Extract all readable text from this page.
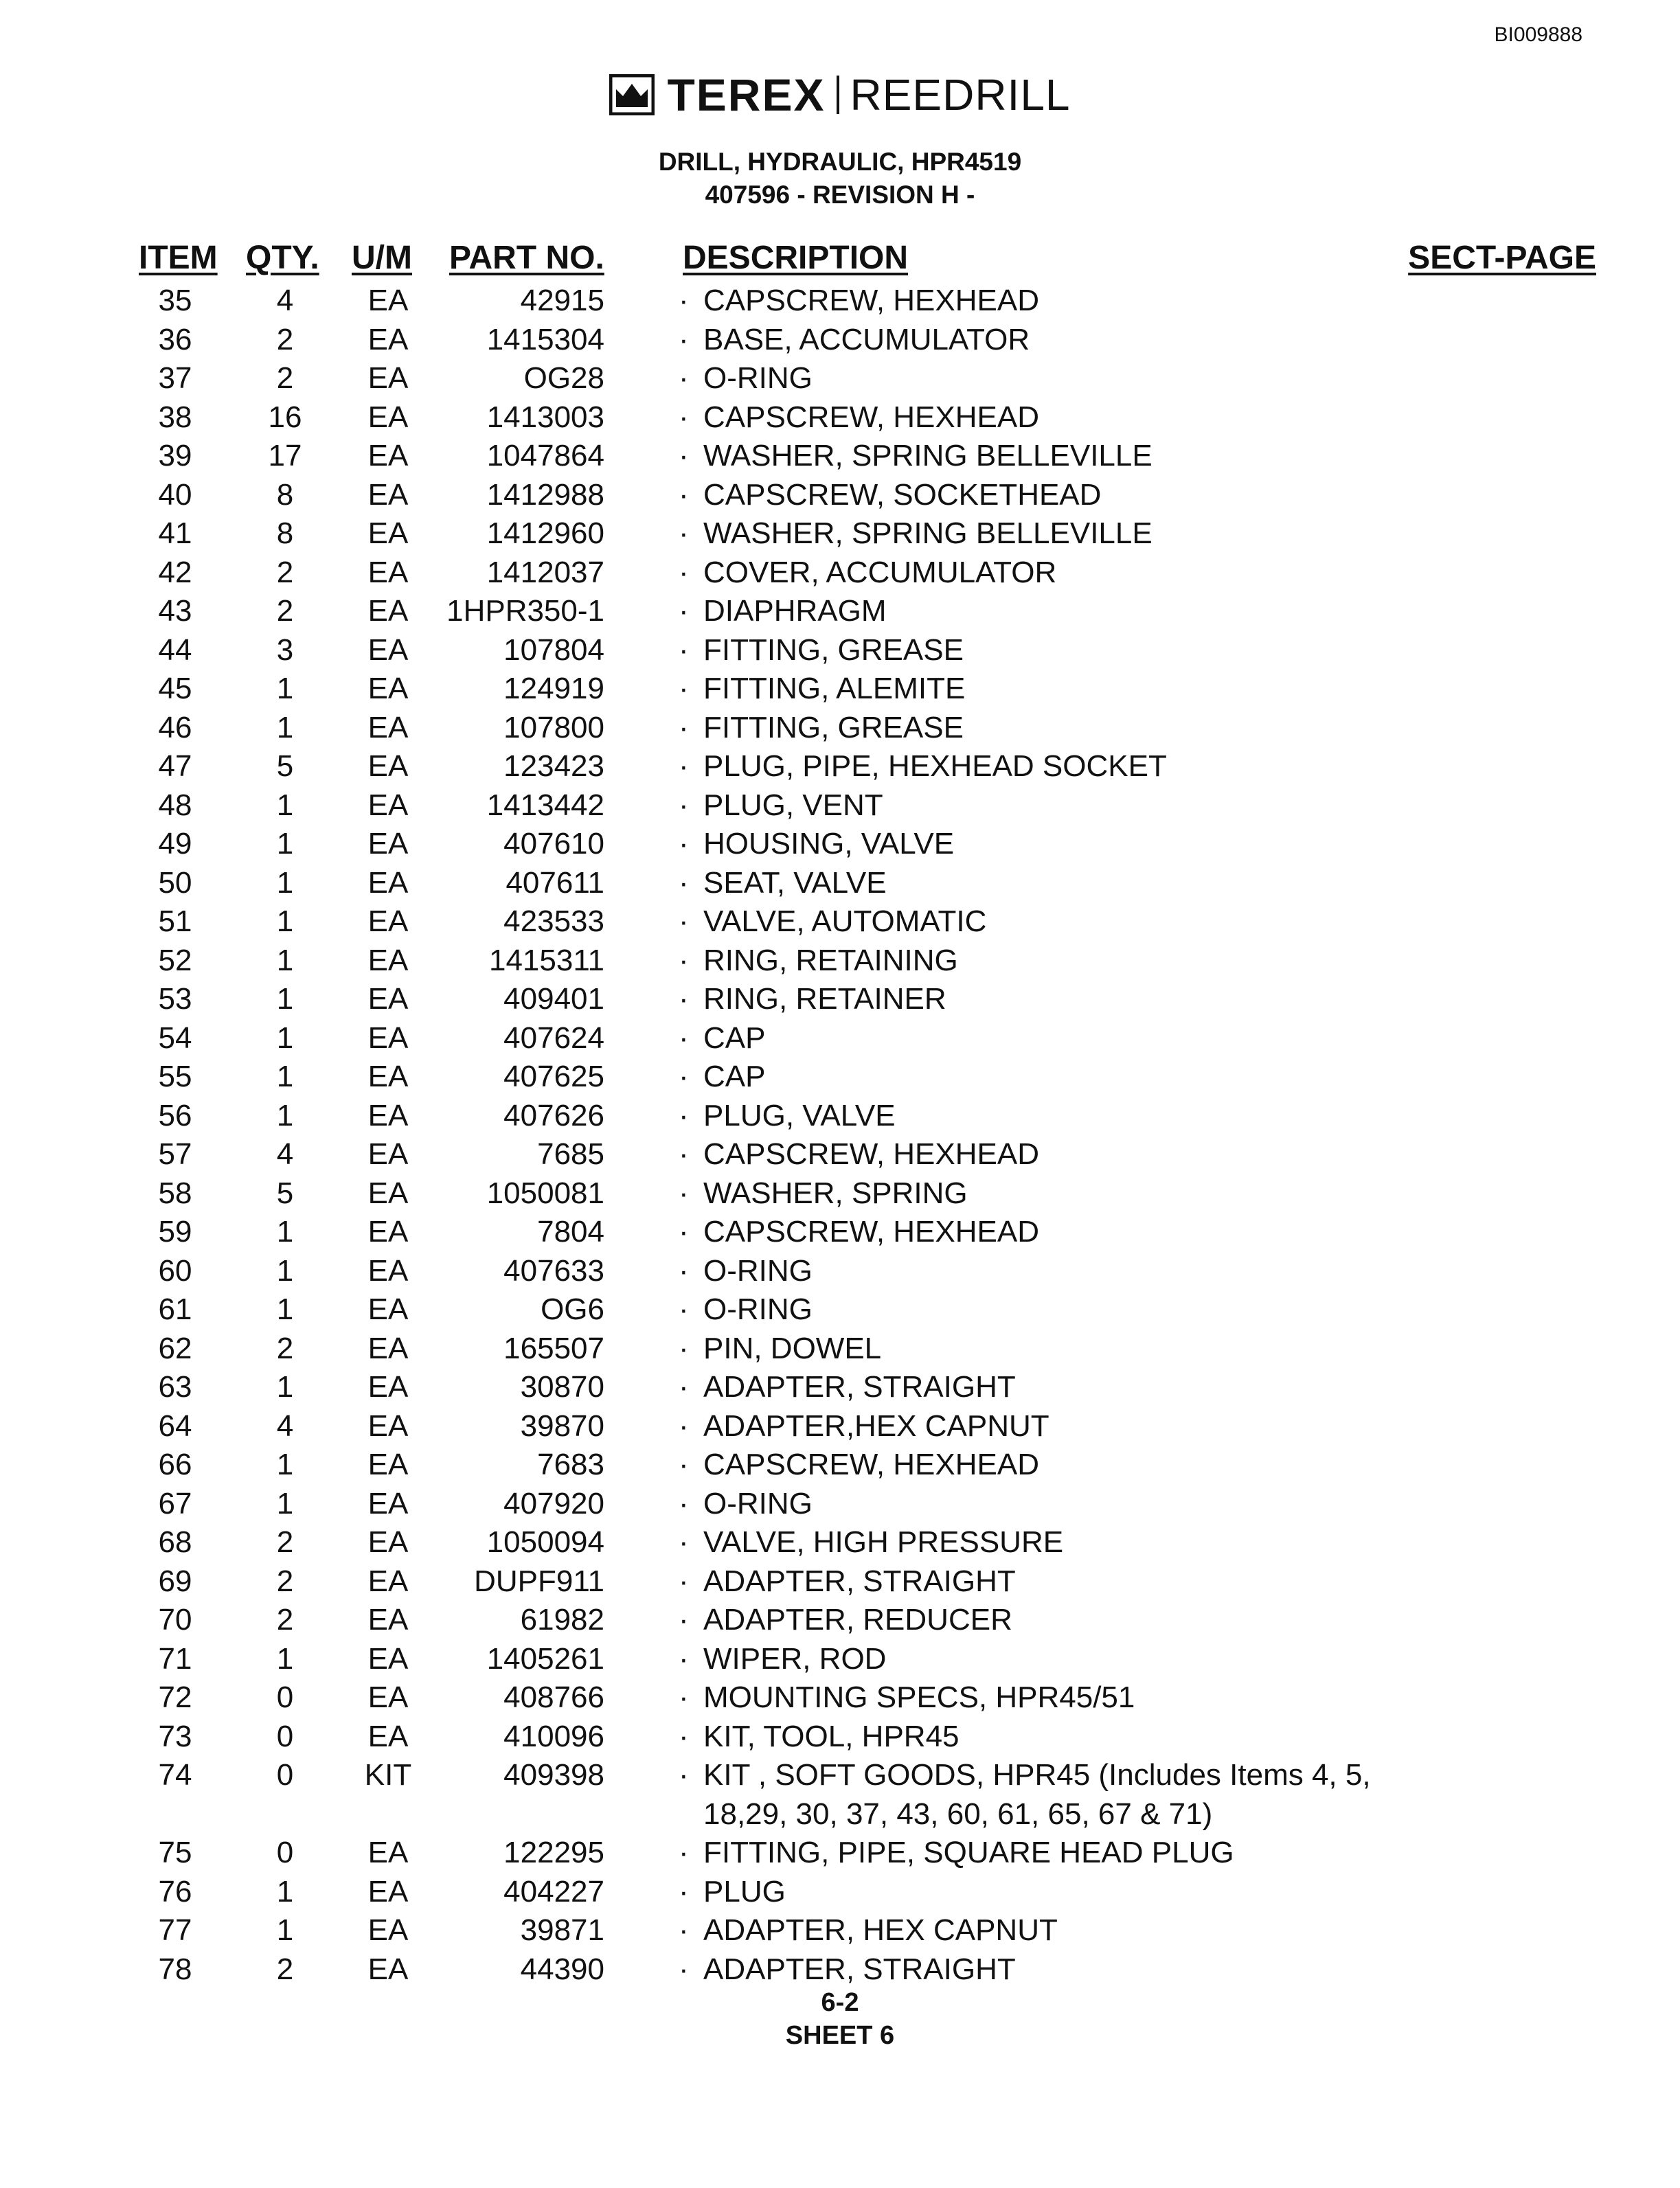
BI009888
TEREX REEDRILL
DRILL, HYDRAULIC, HPR4519
407596 - REVISION H -
ITEM QTY. U/M PART NO. DESCRIPTION	SECT-PAGE
35	4	EA	42915 · CAPSCREW, HEXHEAD
36	2	EA	1415304 · BASE, ACCUMULATOR
37	2	EA	OG28 · O-RING
38	16	EA	1413003 · CAPSCREW, HEXHEAD
39	17	EA	1047864 · WASHER, SPRING BELLEVILLE
40	8	EA	1412988 · CAPSCREW, SOCKETHEAD
41	8	EA	1412960 · WASHER, SPRING BELLEVILLE
42	2	EA	1412037 · COVER, ACCUMULATOR
43	2	EA	1HPR350-1 · DIAPHRAGM
44	3	EA	107804 · FITTING, GREASE
45	1	EA	124919 · FITTING, ALEMITE
46	1	EA	107800 · FITTING, GREASE
47	5	EA	123423 · PLUG, PIPE, HEXHEAD SOCKET
48	1	EA	1413442 · PLUG, VENT
49	1	EA	407610 · HOUSING, VALVE
50	1	EA	407611 · SEAT, VALVE
51	1	EA	423533 · VALVE, AUTOMATIC
52	1	EA	1415311 · RING, RETAINING
53	1	EA	409401 · RING, RETAINER
54	1	EA	407624 · CAP
55	1	EA	407625 · CAP
56	1	EA	407626 · PLUG, VALVE
57	4	EA	7685 · CAPSCREW, HEXHEAD
58	5	EA	1050081 · WASHER, SPRING
59	1	EA	7804 · CAPSCREW, HEXHEAD
60	1	EA	407633 · O-RING
61	1	EA	OG6 · O-RING
62	2	EA	165507 · PIN, DOWEL
63	1	EA	30870 · ADAPTER, STRAIGHT
64	4	EA	39870 · ADAPTER,HEX CAPNUT
66	1	EA	7683 · CAPSCREW, HEXHEAD
67	1	EA	407920 · O-RING
68	2	EA	1050094 · VALVE, HIGH PRESSURE
69	2	EA	DUPF911 · ADAPTER, STRAIGHT
70	2	EA	61982 · ADAPTER, REDUCER
71	1	EA	1405261 · WIPER, ROD
72	0	EA	408766 · MOUNTING SPECS, HPR45/51
73	0	EA	410096 · KIT, TOOL, HPR45
74	0	KIT	409398 · KIT , SOFT GOODS, HPR45 (Includes Items 4, 5,
18,29, 30, 37, 43, 60, 61, 65, 67 & 71)
75	0	EA	122295 · FITTING, PIPE, SQUARE HEAD PLUG
76	1	EA	404227 · PLUG
77	1	EA	39871 · ADAPTER, HEX CAPNUT
78	2	EA	44390 · ADAPTER, STRAIGHT
6-2
SHEET 6
